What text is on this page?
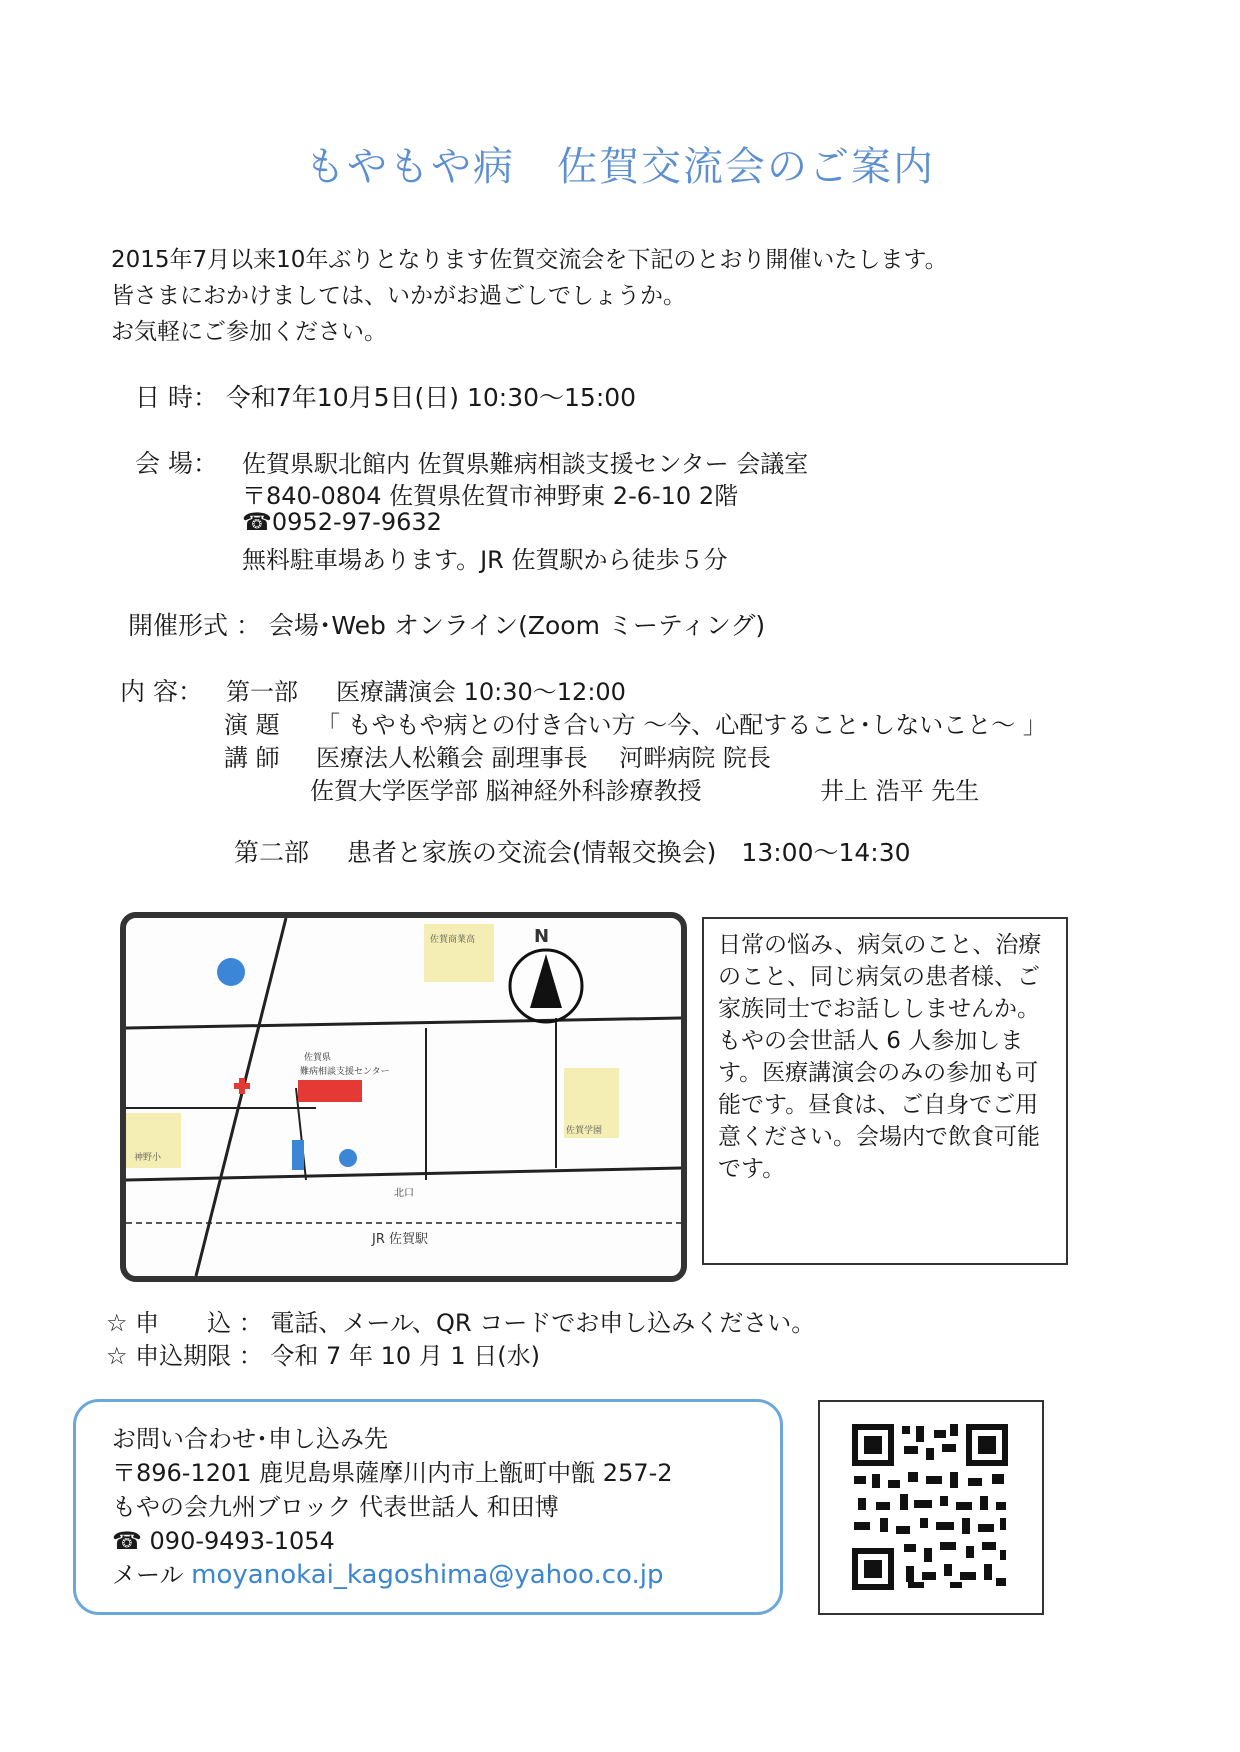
もやもや病　佐賀交流会のご案内
2015年7月以来10年ぶりとなります佐賀交流会を下記のとおり開催いたします。
皆さまにおかけましては、いかがお過ごしでしょうか。
お気軽にご参加ください。
日 時： 令和7年10月5日(日) 10:30～15:00
会 場： 佐賀県駅北館内 佐賀県難病相談支援センター 会議室
〒840-0804 佐賀県佐賀市神野東 2-6-10 2階
☎0952-97-9632
無料駐車場あります。JR 佐賀駅から徒歩５分
開催形式 ： 会場･Web オンライン(Zoom ミーティング)
内 容： 第一部 医療講演会 10:30～12:00
演 題 「 もやもや病との付き合い方 ～今、心配すること･しないこと～ 」
講 師 医療法人松籟会 副理事長　 河畔病院 院長
佐賀大学医学部 脳神経外科診療教授	井上 浩平 先生
第二部 患者と家族の交流会(情報交換会)　13:00～14:30
佐賀商業高
佐賀学園
神野小
N
佐賀県
難病相談支援センター
JR 佐賀駅
北口

日常の悩み、病気のこと、治療のこと、同じ病気の患者様、ご家族同士でお話ししませんか。もやの会世話人 6 人参加します。医療講演会のみの参加も可能です。昼食は、ご自身でご用意ください。会場内で飲食可能です。

☆ 申　　込 ： 電話、メール、QR コードでお申し込みください。
☆ 申込期限 ： 令和 7 年 10 月 1 日(水)
お問い合わせ･申し込み先
〒896-1201 鹿児島県薩摩川内市上甑町中甑 257-2
もやの会九州ブロック 代表世話人 和田博
☎ 090-9493-1054
メール moyanokai_kagoshima@yahoo.co.jp
